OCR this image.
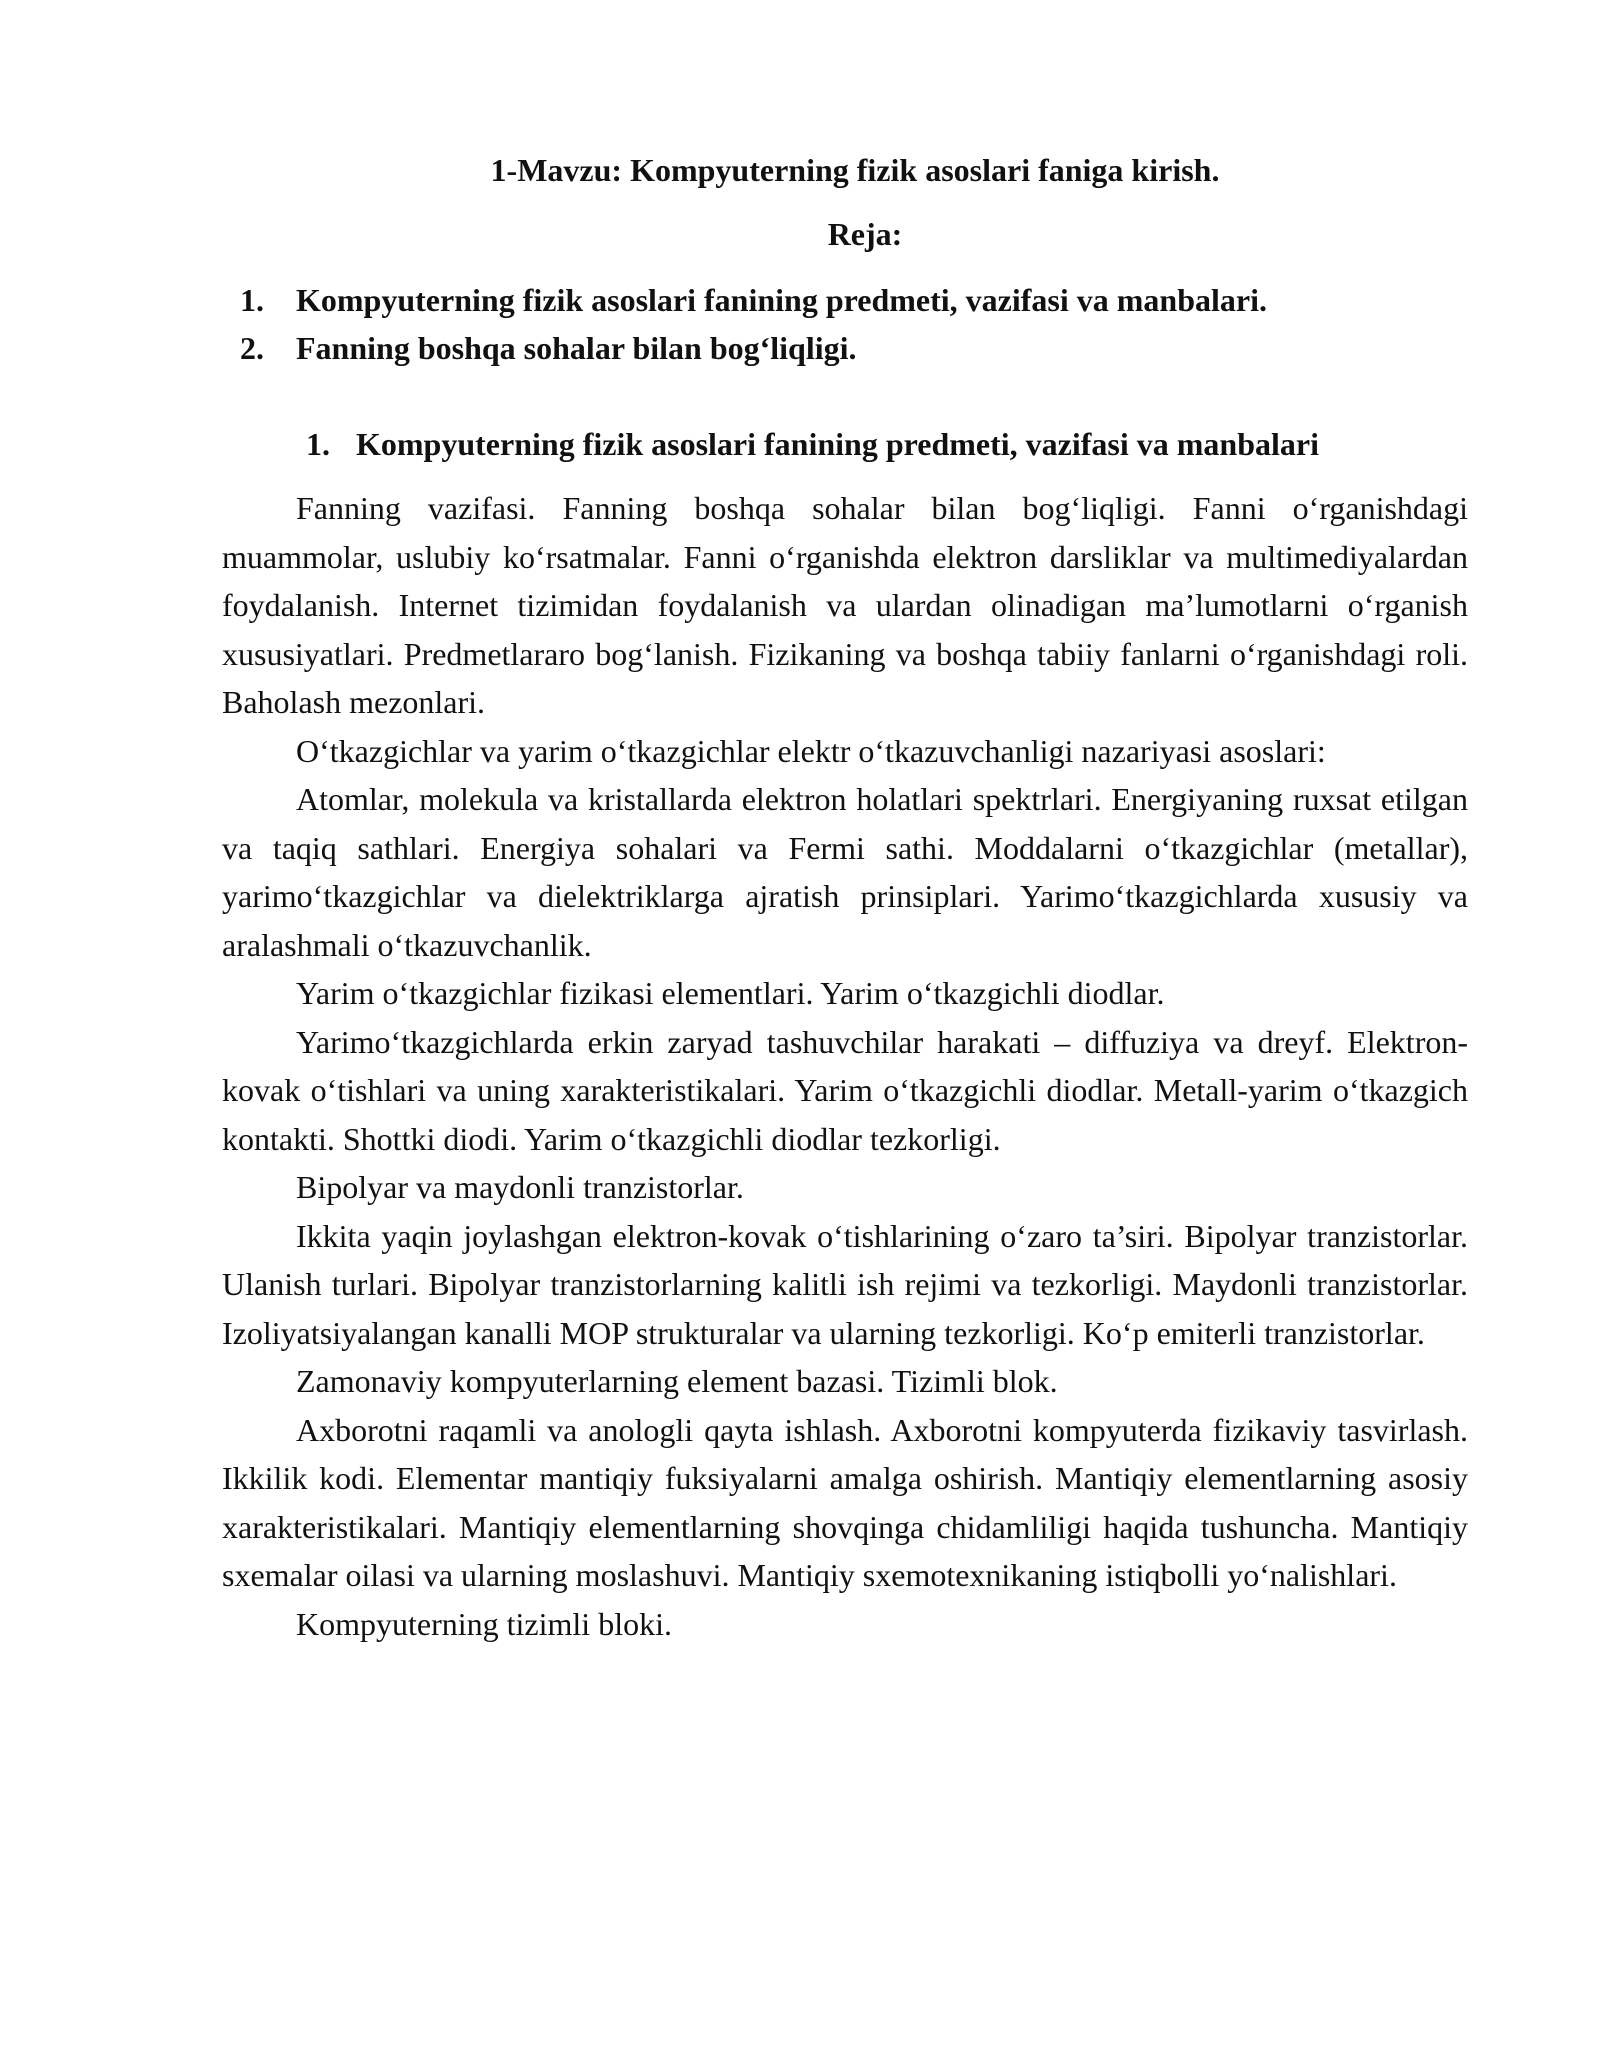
1-Mavzu: Kompyuterning fizik asoslari faniga kirish.
Reja:
1. Kompyuterning fizik asoslari fanining predmeti, vazifasi va manbalari.
2. Fanning boshqa sohalar bilan bog‘liqligi.
1. Kompyuterning fizik asoslari fanining predmeti, vazifasi va manbalari

Fanning vazifasi. Fanning boshqa sohalar bilan bog‘liqligi. Fanni o‘rganishdagi muammolar, uslubiy ko‘rsatmalar. Fanni o‘rganishda elektron darsliklar va multimediyalardan foydalanish. Internet tizimidan foydalanish va ulardan olinadigan ma’lumotlarni o‘rganish xususiyatlari. Predmetlararo bog‘lanish. Fizikaning va boshqa tabiiy fanlarni o‘rganishdagi roli. Baholash mezonlari.

O‘tkazgichlar va yarim o‘tkazgichlar elektr o‘tkazuvchanligi nazariyasi asoslari:

Atomlar, molekula va kristallarda elektron holatlari spektrlari. Energiyaning ruxsat etilgan va taqiq sathlari. Energiya sohalari va Fermi sathi. Moddalarni o‘tkazgichlar (metallar), yarimo‘tkazgichlar va dielektriklarga ajratish prinsiplari. Yarimo‘tkazgichlarda xususiy va aralashmali o‘tkazuvchanlik.

Yarim o‘tkazgichlar fizikasi elementlari. Yarim o‘tkazgichli diodlar.

Yarimo‘tkazgichlarda erkin zaryad tashuvchilar harakati – diffuziya va dreyf. Elektron-kovak o‘tishlari va uning xarakteristikalari. Yarim o‘tkazgichli diodlar. Metall-yarim o‘tkazgich kontakti. Shottki diodi. Yarim o‘tkazgichli diodlar tezkorligi.

Bipolyar va maydonli tranzistorlar.

Ikkita yaqin joylashgan elektron-kovak o‘tishlarining o‘zaro ta’siri. Bipolyar tranzistorlar. Ulanish turlari. Bipolyar tranzistorlarning kalitli ish rejimi va tezkorligi. Maydonli tranzistorlar. Izoliyatsiyalangan kanalli MOP strukturalar va ularning tezkorligi. Ko‘p emiterli tranzistorlar.

Zamonaviy kompyuterlarning element bazasi. Tizimli blok.

Axborotni raqamli va anologli qayta ishlash. Axborotni kompyuterda fizikaviy tasvirlash. Ikkilik kodi. Elementar mantiqiy fuksiyalarni amalga oshirish. Mantiqiy elementlarning asosiy xarakteristikalari. Mantiqiy elementlarning shovqinga chidamliligi haqida tushuncha. Mantiqiy sxemalar oilasi va ularning moslashuvi. Mantiqiy sxemotexnikaning istiqbolli yo‘nalishlari.

Kompyuterning tizimli bloki.
